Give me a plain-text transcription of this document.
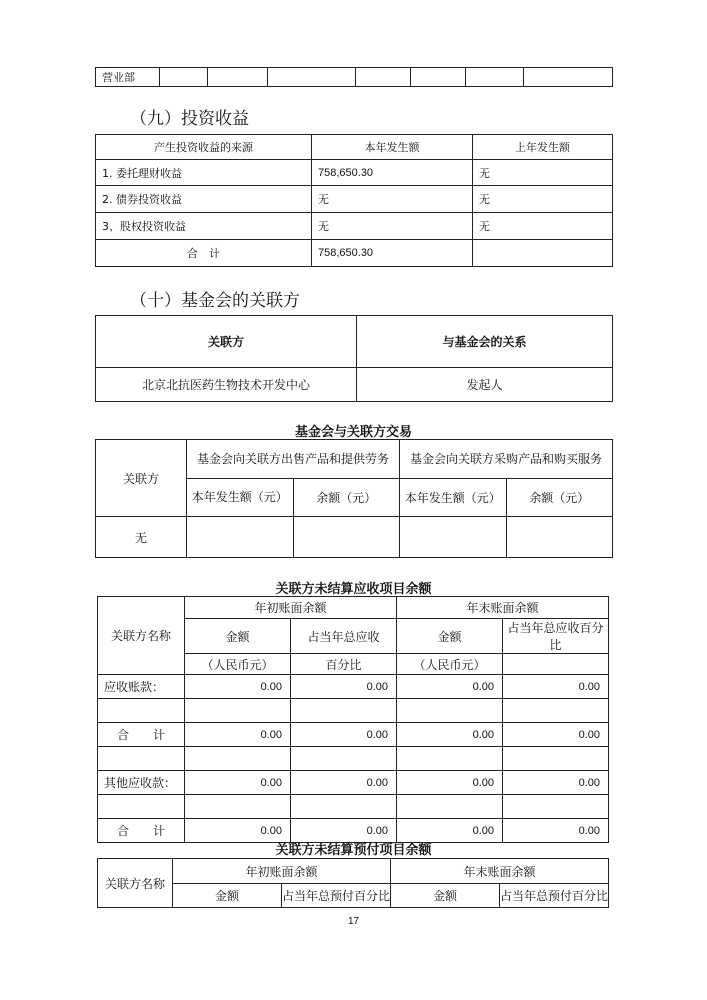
营业部							
（九）投资收益
产生投资收益的来源	本年发生额	上年发生额
1. 委托理财收益	758,650.30	无
2. 债券投资收益	无	无
3、股权投资收益	无	无
合　计	758,650.30	
（十）基金会的关联方
关联方	与基金会的关系
北京北抗医药生物技术开发中心	发起人
基金会与关联方交易
关联方	基金会向关联方出售产品和提供劳务		基金会向关联方采购产品和购买服务	
	本年发生额（元）	余额（元）	本年发生额（元）	余额（元）
无				
关联方未结算应收项目余额
关联方名称	年初账面余额		年末账面余额	
	金额	占当年总应收	金额	占当年总应收百分比
	（人民币元）	百分比	（人民币元）	
应收账款：	0.00	0.00	0.00	0.00

合　　计	0.00	0.00	0.00	0.00

其他应收款：	0.00	0.00	0.00	0.00

合　　计	0.00	0.00	0.00	0.00
关联方未结算预付项目余额
关联方名称	年初账面余额		年末账面余额	
	金额	占当年总预付百分比	金额	占当年总预付百分比
17
